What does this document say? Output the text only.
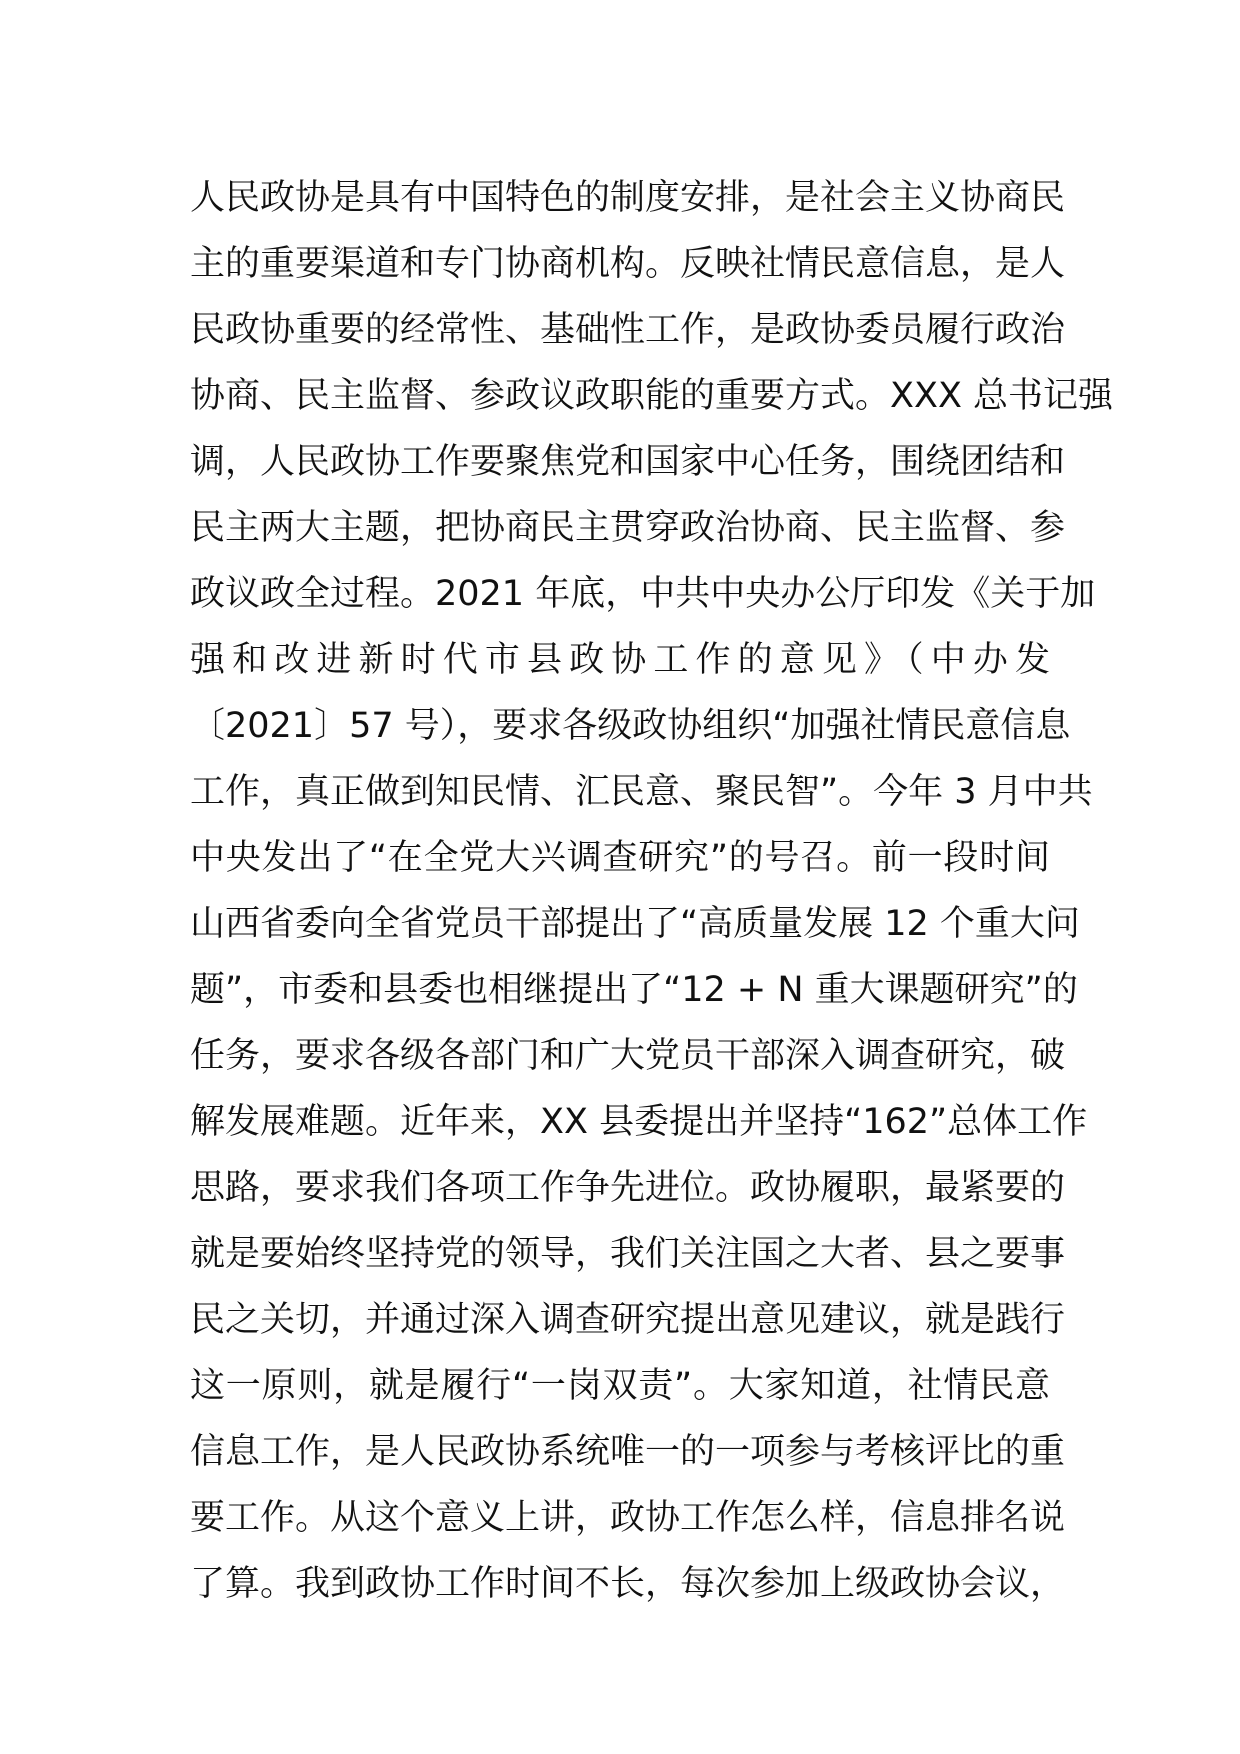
人民政协是具有中国特色的制度安排，是社会主义协商民
主的重要渠道和专门协商机构。反映社情民意信息，是人
民政协重要的经常性、基础性工作，是政协委员履行政治
协商、民主监督、参政议政职能的重要方式。XXX 总书记强
调，人民政协工作要聚焦党和国家中心任务，围绕团结和
民主两大主题，把协商民主贯穿政治协商、民主监督、参
政议政全过程。2021 年底，中共中央办公厅印发《关于加
强和改进新时代市县政协工作的意见》（中办发
〔2021〕57 号），要求各级政协组织“加强社情民意信息
工作，真正做到知民情、汇民意、聚民智”。今年 3 月中共
中央发出了“在全党大兴调查研究”的号召。前一段时间
山西省委向全省党员干部提出了“高质量发展 12 个重大问
题”，市委和县委也相继提出了“12 + N 重大课题研究”的
任务，要求各级各部门和广大党员干部深入调查研究，破
解发展难题。近年来，XX 县委提出并坚持“162”总体工作
思路，要求我们各项工作争先进位。政协履职，最紧要的
就是要始终坚持党的领导，我们关注国之大者、县之要事
民之关切，并通过深入调查研究提出意见建议，就是践行
这一原则，就是履行“一岗双责”。大家知道，社情民意
信息工作，是人民政协系统唯一的一项参与考核评比的重
要工作。从这个意义上讲，政协工作怎么样，信息排名说
了算。我到政协工作时间不长，每次参加上级政协会议，
